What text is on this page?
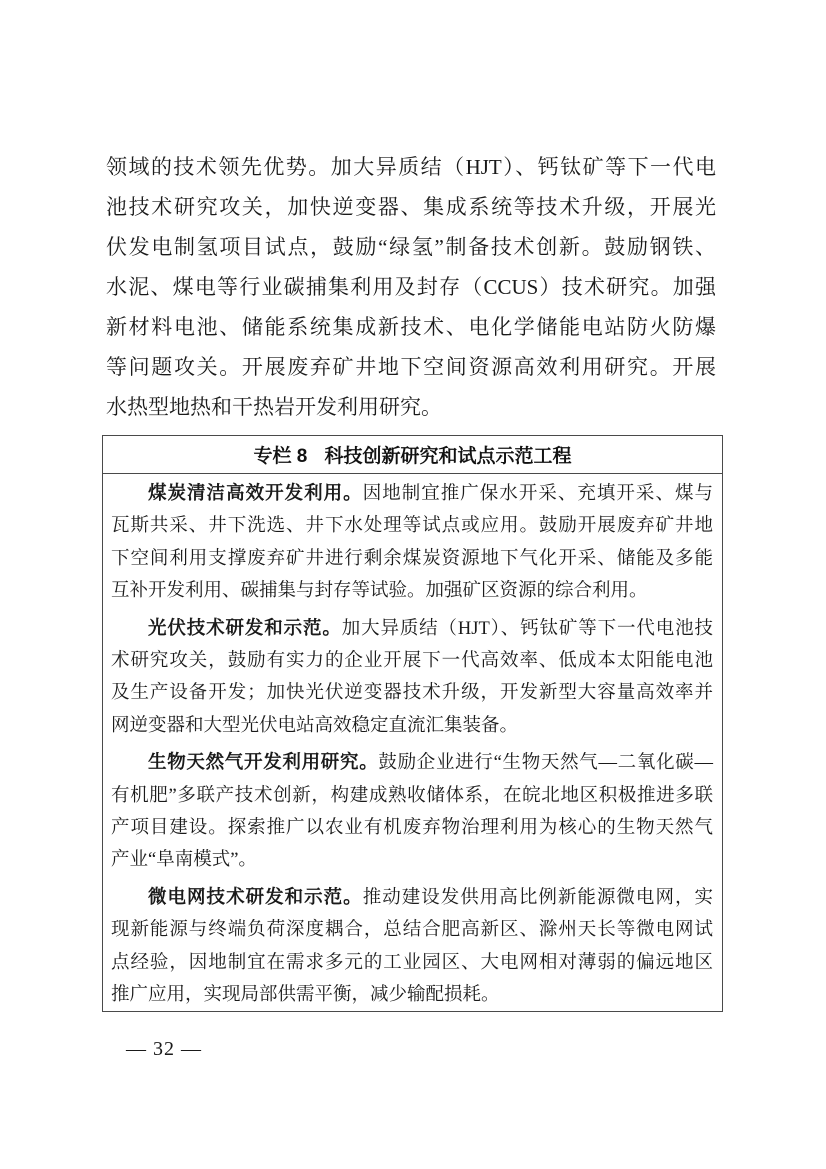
领域的技术领先优势。加大异质结（HJT）、钙钛矿等下一代电
池技术研究攻关，加快逆变器、集成系统等技术升级，开展光
伏发电制氢项目试点，鼓励“绿氢”制备技术创新。鼓励钢铁、
水泥、煤电等行业碳捕集利用及封存（CCUS）技术研究。加强
新材料电池、储能系统集成新技术、电化学储能电站防火防爆
等问题攻关。开展废弃矿井地下空间资源高效利用研究。开展
水热型地热和干热岩开发利用研究。
专栏 8 科技创新研究和试点示范工程
煤炭清洁高效开发利用。因地制宜推广保水开采、充填开采、煤与
瓦斯共采、井下洗选、井下水处理等试点或应用。鼓励开展废弃矿井地
下空间利用支撑废弃矿井进行剩余煤炭资源地下气化开采、储能及多能
互补开发利用、碳捕集与封存等试验。加强矿区资源的综合利用。
光伏技术研发和示范。加大异质结（HJT）、钙钛矿等下一代电池技
术研究攻关，鼓励有实力的企业开展下一代高效率、低成本太阳能电池
及生产设备开发；加快光伏逆变器技术升级，开发新型大容量高效率并
网逆变器和大型光伏电站高效稳定直流汇集装备。
生物天然气开发利用研究。鼓励企业进行“生物天然气—二氧化碳—
有机肥”多联产技术创新，构建成熟收储体系，在皖北地区积极推进多联
产项目建设。探索推广以农业有机废弃物治理利用为核心的生物天然气
产业“阜南模式”。
微电网技术研发和示范。推动建设发供用高比例新能源微电网，实
现新能源与终端负荷深度耦合，总结合肥高新区、滁州天长等微电网试
点经验，因地制宜在需求多元的工业园区、大电网相对薄弱的偏远地区
推广应用，实现局部供需平衡，减少输配损耗。
— 32 —
